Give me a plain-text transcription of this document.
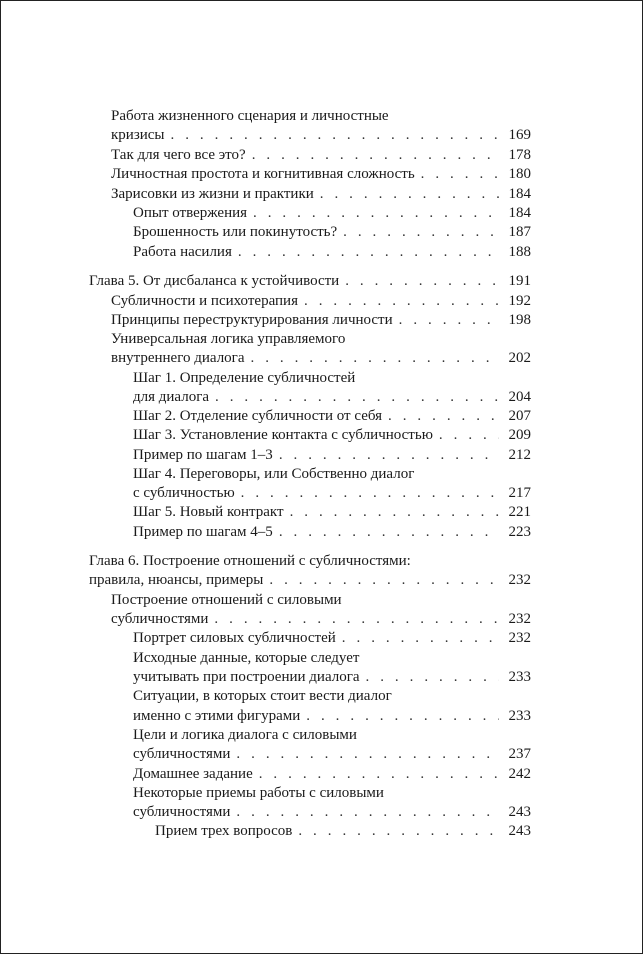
Работа жизненного сценария и личностные
кризисы . . .	169
Так для чего все это? . . .	178
Личностная простота и когнитивная сложность . . .	180
Зарисовки из жизни и практики . . .	184
Опыт отвержения . . .	184
Брошенность или покинутость? . . .	187
Работа насилия . . .	188
Глава 5. От дисбаланса к устойчивости . . .	191
Субличности и психотерапия . . .	192
Принципы переструктурирования личности . . .	198
Универсальная логика управляемого
внутреннего диалога . . .	202
Шаг 1. Определение субличностей
для диалога . . .	204
Шаг 2. Отделение субличности от себя . . .	207
Шаг 3. Установление контакта с субличностью . . .	209
Пример по шагам 1–3 . . .	212
Шаг 4. Переговоры, или Собственно диалог
с субличностью . . .	217
Шаг 5. Новый контракт . . .	221
Пример по шагам 4–5 . . .	223
Глава 6. Построение отношений с субличностями:
правила, нюансы, примеры . . .	232
Построение отношений с силовыми
субличностями . . .	232
Портрет силовых субличностей . . .	232
Исходные данные, которые следует
учитывать при построении диалога . . .	233
Ситуации, в которых стоит вести диалог
именно с этими фигурами . . .	233
Цели и логика диалога с силовыми
субличностями . . .	237
Домашнее задание . . .	242
Некоторые приемы работы с силовыми
субличностями . . .	243
Прием трех вопросов . . .	243
